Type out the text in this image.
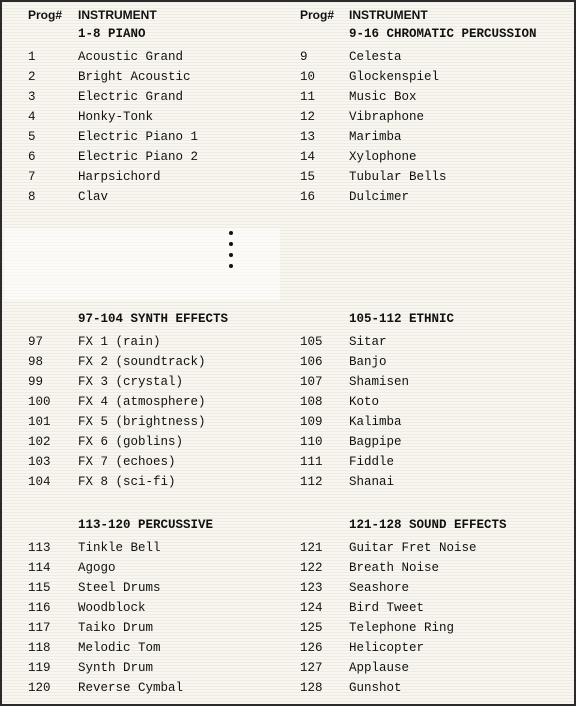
Prog# INSTRUMENT	Prog# INSTRUMENT
1-8 PIANO
1	Acoustic Grand
2	Bright Acoustic
3	Electric Grand
4	Honky-Tonk
5	Electric Piano 1
6	Electric Piano 2
7	Harpsichord
8	Clav
9-16 CHROMATIC PERCUSSION
9	Celesta
10	Glockenspiel
11	Music Box
12	Vibraphone
13	Marimba
14	Xylophone
15	Tubular Bells
16	Dulcimer
97-104 SYNTH EFFECTS
97	FX 1 (rain)
98	FX 2 (soundtrack)
99	FX 3 (crystal)
100 FX 4 (atmosphere)
101 FX 5 (brightness)
102 FX 6 (goblins)
103 FX 7 (echoes)
104 FX 8 (sci-fi)
105-112 ETHNIC
105 Sitar
106 Banjo
107 Shamisen
108 Koto
109 Kalimba
110 Bagpipe
111 Fiddle
112 Shanai
113-120 PERCUSSIVE
113 Tinkle Bell
114 Agogo
115 Steel Drums
116 Woodblock
117 Taiko Drum
118 Melodic Tom
119 Synth Drum
120 Reverse Cymbal
121-128 SOUND EFFECTS
121 Guitar Fret Noise
122 Breath Noise
123 Seashore
124 Bird Tweet
125 Telephone Ring
126 Helicopter
127 Applause
128 Gunshot
